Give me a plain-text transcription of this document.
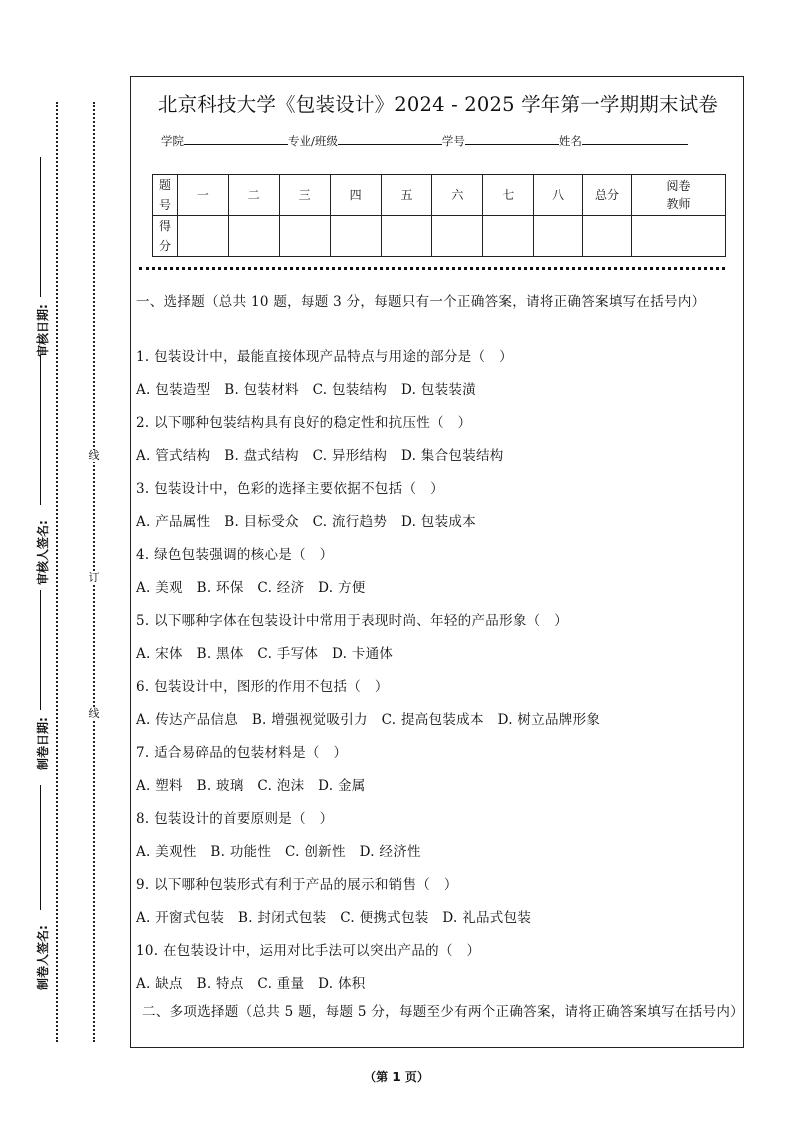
审核日期:
审核人签名:
制卷日期:
制卷人签名:
线
订
线
北京科技大学《包装设计》2024 - 2025 学年第一学期期末试卷
学院	专业/班级	学号	姓名
题号	一	二	三	四	五	六	七	八	总分	阅卷教师
得分										
一、选择题（总共 10 题，每题 3 分，每题只有一个正确答案，请将正确答案填写在括号内）
1. 包装设计中，最能直接体现产品特点与用途的部分是（　）
A. 包装造型　B. 包装材料　C. 包装结构　D. 包装装潢
2. 以下哪种包装结构具有良好的稳定性和抗压性（　）
A. 管式结构　B. 盘式结构　C. 异形结构　D. 集合包装结构
3. 包装设计中，色彩的选择主要依据不包括（　）
A. 产品属性　B. 目标受众　C. 流行趋势　D. 包装成本
4. 绿色包装强调的核心是（　）
A. 美观　B. 环保　C. 经济　D. 方便
5. 以下哪种字体在包装设计中常用于表现时尚、年轻的产品形象（　）
A. 宋体　B. 黑体　C. 手写体　D. 卡通体
6. 包装设计中，图形的作用不包括（　）
A. 传达产品信息　B. 增强视觉吸引力　C. 提高包装成本　D. 树立品牌形象
7. 适合易碎品的包装材料是（　）
A. 塑料　B. 玻璃　C. 泡沫　D. 金属
8. 包装设计的首要原则是（　）
A. 美观性　B. 功能性　C. 创新性　D. 经济性
9. 以下哪种包装形式有利于产品的展示和销售（　）
A. 开窗式包装　B. 封闭式包装　C. 便携式包装　D. 礼品式包装
10. 在包装设计中，运用对比手法可以突出产品的（　）
A. 缺点　B. 特点　C. 重量　D. 体积
二、多项选择题（总共 5 题，每题 5 分，每题至少有两个正确答案，请将正确答案填写在括号内）
（第 1 页）
